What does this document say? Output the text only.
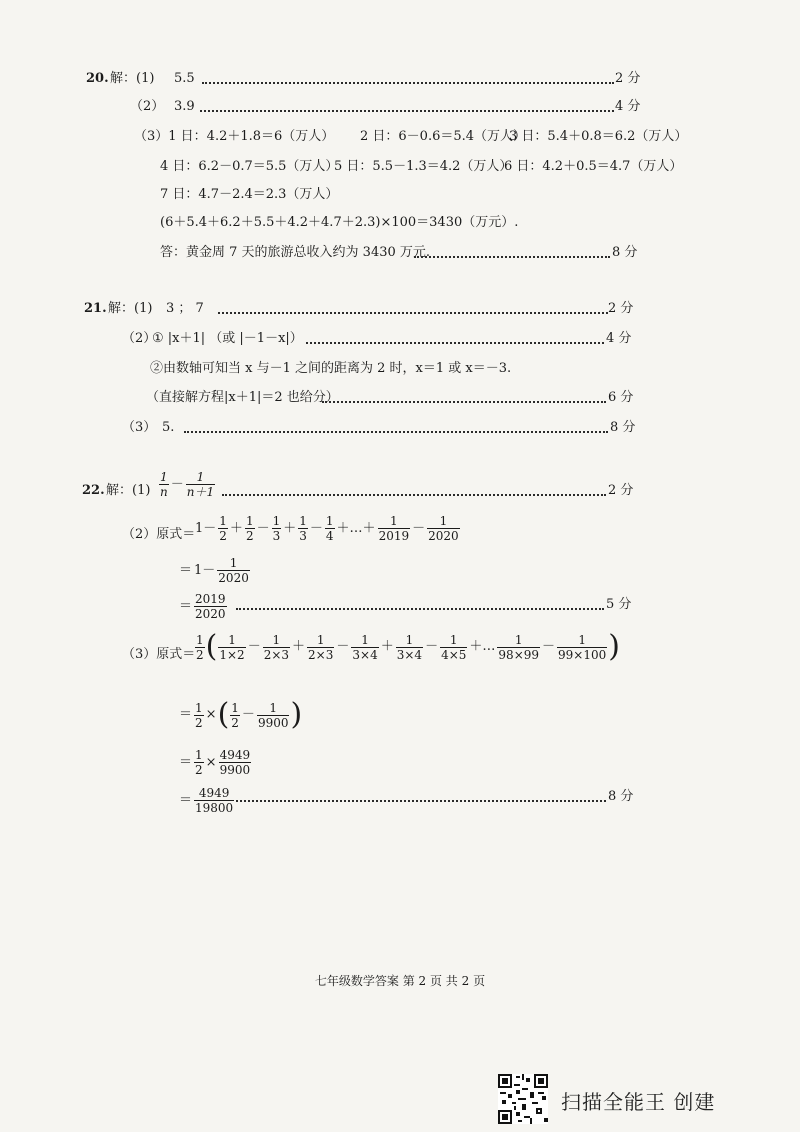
20. 解：(1) 5.5	2 分
（2） 3.9	4 分
（3）1 日：4.2＋1.8＝6（万人） 2 日：6－0.6＝5.4（万人）
3 日：5.4＋0.8＝6.2（万人）
4 日：6.2－0.7＝5.5（万人）
5 日：5.5－1.3＝4.2（万人）
6 日：4.2＋0.5＝4.7（万人）
7 日：4.7－2.4＝2.3（万人）
(6＋5.4＋6.2＋5.5＋4.2＋4.7＋2.3)×100＝3430（万元）.
答：黄金周 7 天的旅游总收入约为 3430 万元.	8 分
21. 解：(1) 3 ； 7	2 分
（2）
① |x＋1| （或 |－1－x|）	4 分
②由数轴可知当 x 与－1 之间的距离为 2 时，x＝1 或 x＝－3.
（直接解方程|x＋1|＝2 也给分）	6 分
（3） 5.	8 分
22. 解：$(1) \frac{1}{n} - \frac{1}{n+1}$	2 分
（2）原式＝ $1- \frac{1}{2} + \frac{1}{2} - \frac{1}{3} + \frac{1}{3} - \frac{1}{4}$ ＋…＋ $\frac{1}{2019} - \frac{1}{2020}$
＝ $1- \frac{1}{2020}$
＝ $\frac{2019}{2020}$	5 分
（3）原式＝ $\frac{1}{2}$ ( $\frac{1}{1\times 2} - \frac{1}{2\times 3} + \frac{1}{2\times 3} - \frac{1}{3\times 4} + \frac{1}{3\times 4} - \frac{1}{4\times 5}$ ＋… $\frac{1}{98\times 99} - \frac{1}{99\times 100}$ )
＝ $\frac{1}{2}$ ×( $\frac{1}{2} - \frac{1}{9900}$ )
＝ $\frac{1}{2} \times \frac{4949}{9900}$
＝ $\frac{4949}{19800}$	8 分
七年级数学答案 第 2 页 共 2 页
扫描全能王 创建
